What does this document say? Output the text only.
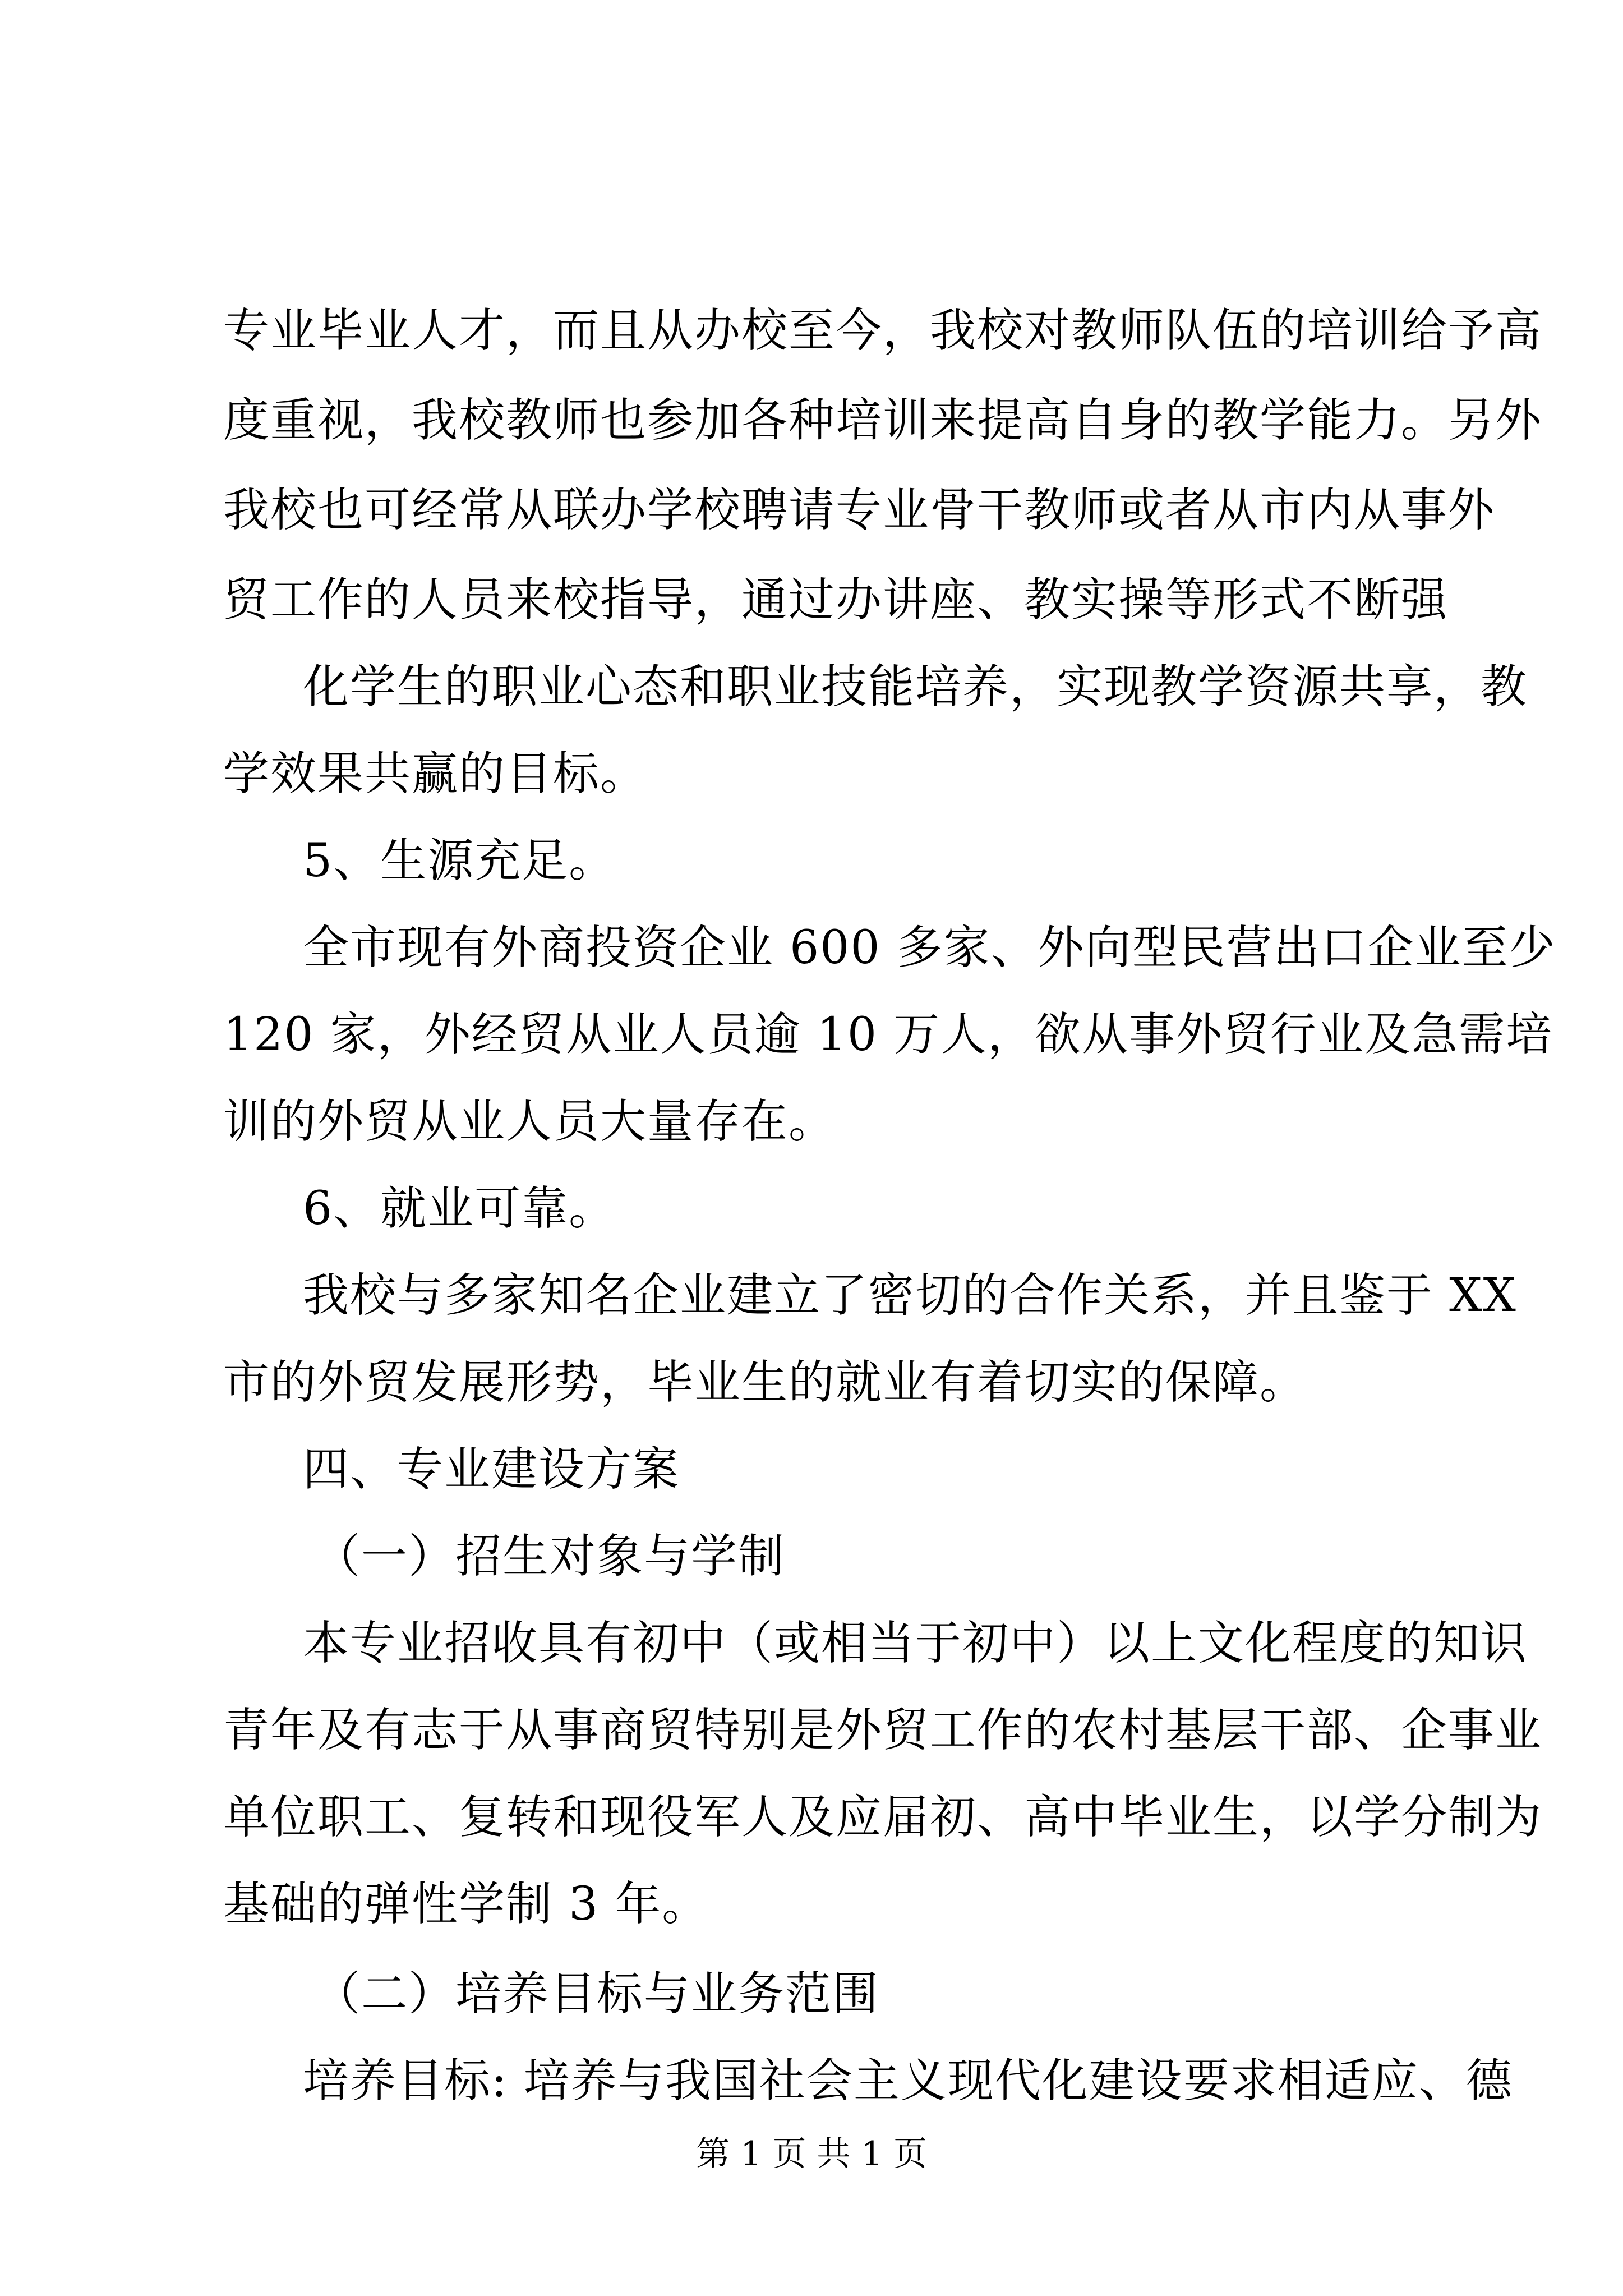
专业毕业人才，而且从办校至今，我校对教师队伍的培训给予高
度重视，我校教师也参加各种培训来提高自身的教学能力。另外
我校也可经常从联办学校聘请专业骨干教师或者从市内从事外
贸工作的人员来校指导，通过办讲座、教实操等形式不断强
化学生的职业心态和职业技能培养，实现教学资源共享，教
学效果共赢的目标。
5、生源充足。
全市现有外商投资企业 600 多家、外向型民营出口企业至少
120 家，外经贸从业人员逾 10 万人，欲从事外贸行业及急需培
训的外贸从业人员大量存在。
6、就业可靠。
我校与多家知名企业建立了密切的合作关系，并且鉴于 XX
市的外贸发展形势，毕业生的就业有着切实的保障。
四、专业建设方案
（一）招生对象与学制
本专业招收具有初中（或相当于初中）以上文化程度的知识
青年及有志于从事商贸特别是外贸工作的农村基层干部、企事业
单位职工、复转和现役军人及应届初、高中毕业生，以学分制为
基础的弹性学制 3 年。
（二）培养目标与业务范围
培养目标: 培养与我国社会主义现代化建设要求相适应、德
第 1 页 共 1 页
